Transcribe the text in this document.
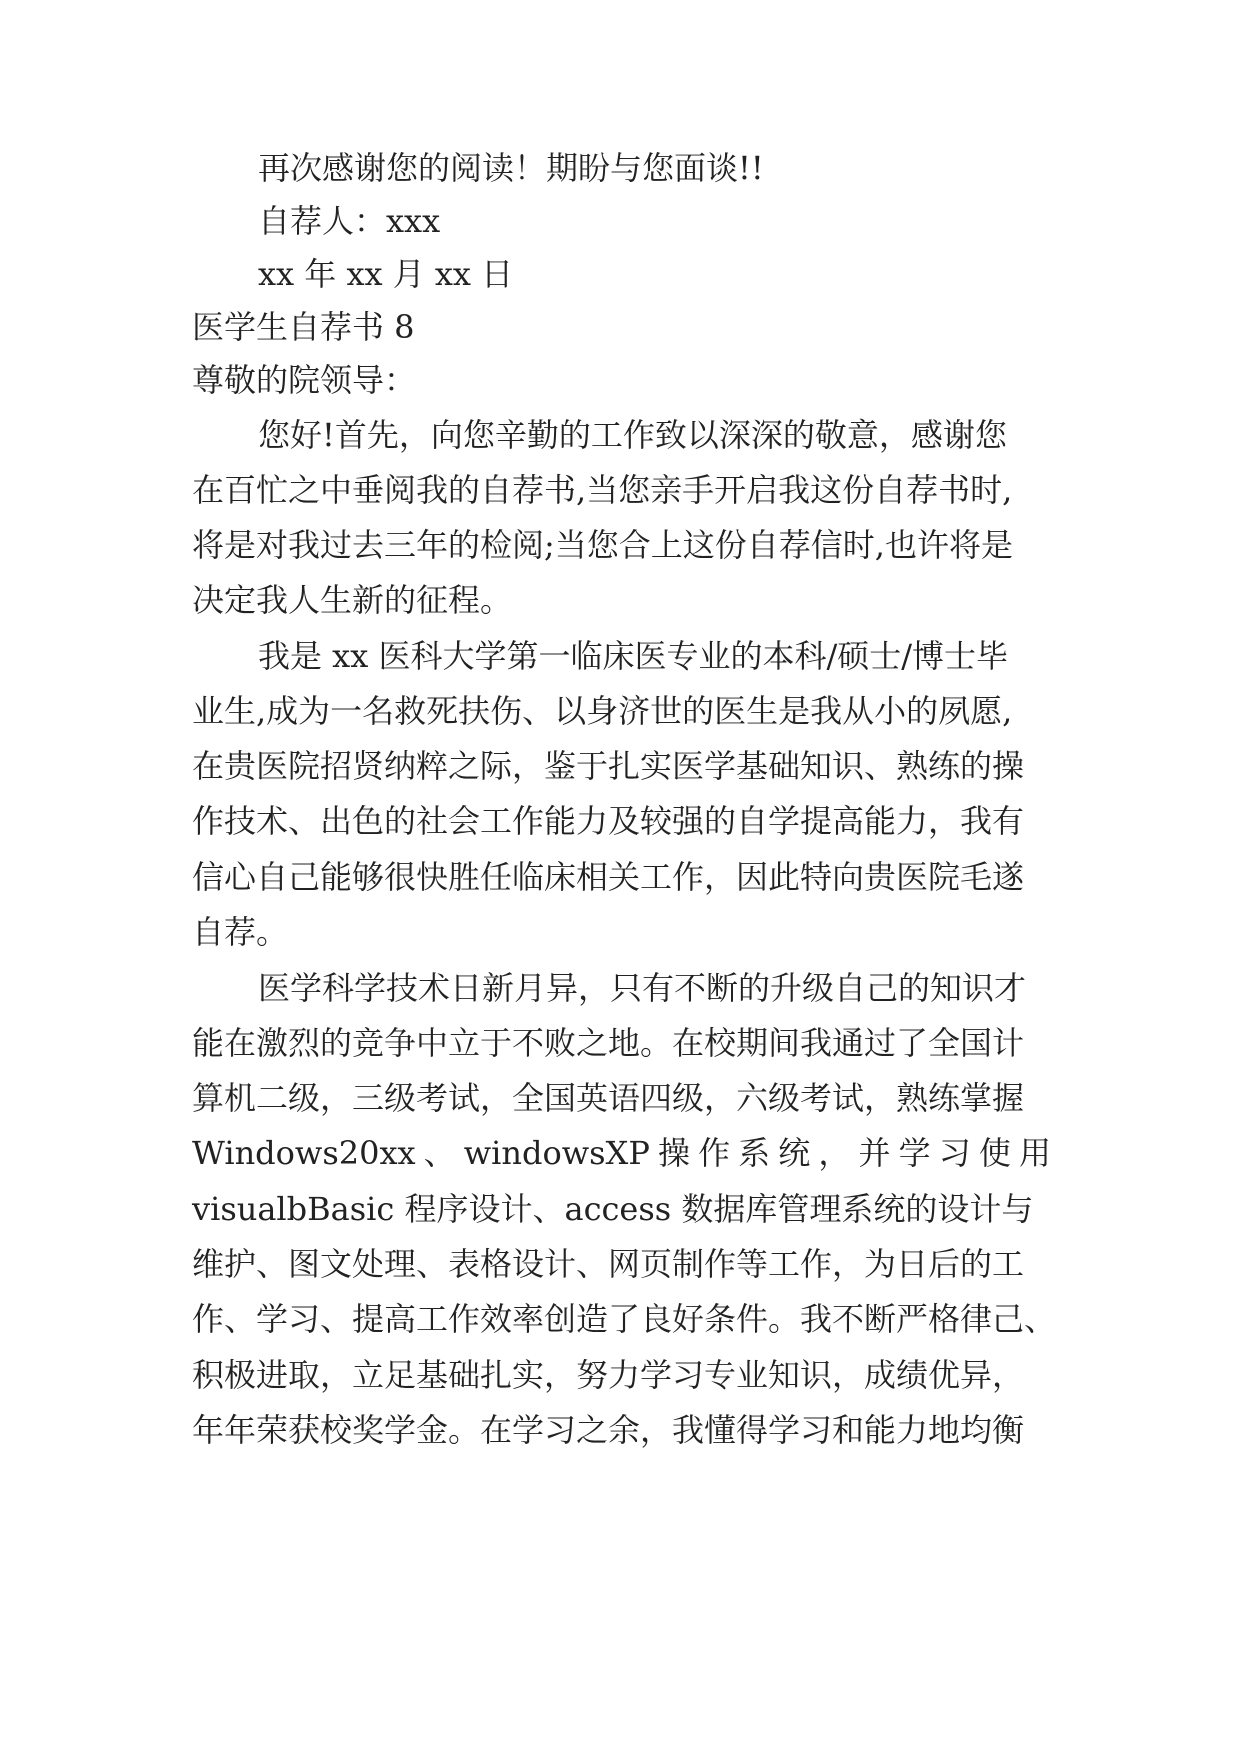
再次感谢您的阅读！期盼与您面谈!!

自荐人：xxx

xx 年 xx 月 xx 日

医学生自荐书 8

尊敬的院领导：

您好!首先，向您辛勤的工作致以深深的敬意，感谢您

在百忙之中垂阅我的自荐书,当您亲手开启我这份自荐书时,

将是对我过去三年的检阅;当您合上这份自荐信时,也许将是

决定我人生新的征程。

我是 xx 医科大学第一临床医专业的本科/硕士/博士毕

业生,成为一名救死扶伤、以身济世的医生是我从小的夙愿,

在贵医院招贤纳粹之际，鉴于扎实医学基础知识、熟练的操

作技术、出色的社会工作能力及较强的自学提高能力，我有

信心自己能够很快胜任临床相关工作，因此特向贵医院毛遂

自荐。

医学科学技术日新月异，只有不断的升级自己的知识才

能在激烈的竞争中立于不败之地。在校期间我通过了全国计

算机二级，三级考试，全国英语四级，六级考试，熟练掌握

Windows20xx 、 windowsXP 操 作 系 统 ， 并 学 习 使 用

visualbBasic 程序设计、access 数据库管理系统的设计与

维护、图文处理、表格设计、网页制作等工作，为日后的工

作、学习、提高工作效率创造了良好条件。我不断严格律己、

积极进取，立足基础扎实，努力学习专业知识，成绩优异，

年年荣获校奖学金。在学习之余，我懂得学习和能力地均衡
